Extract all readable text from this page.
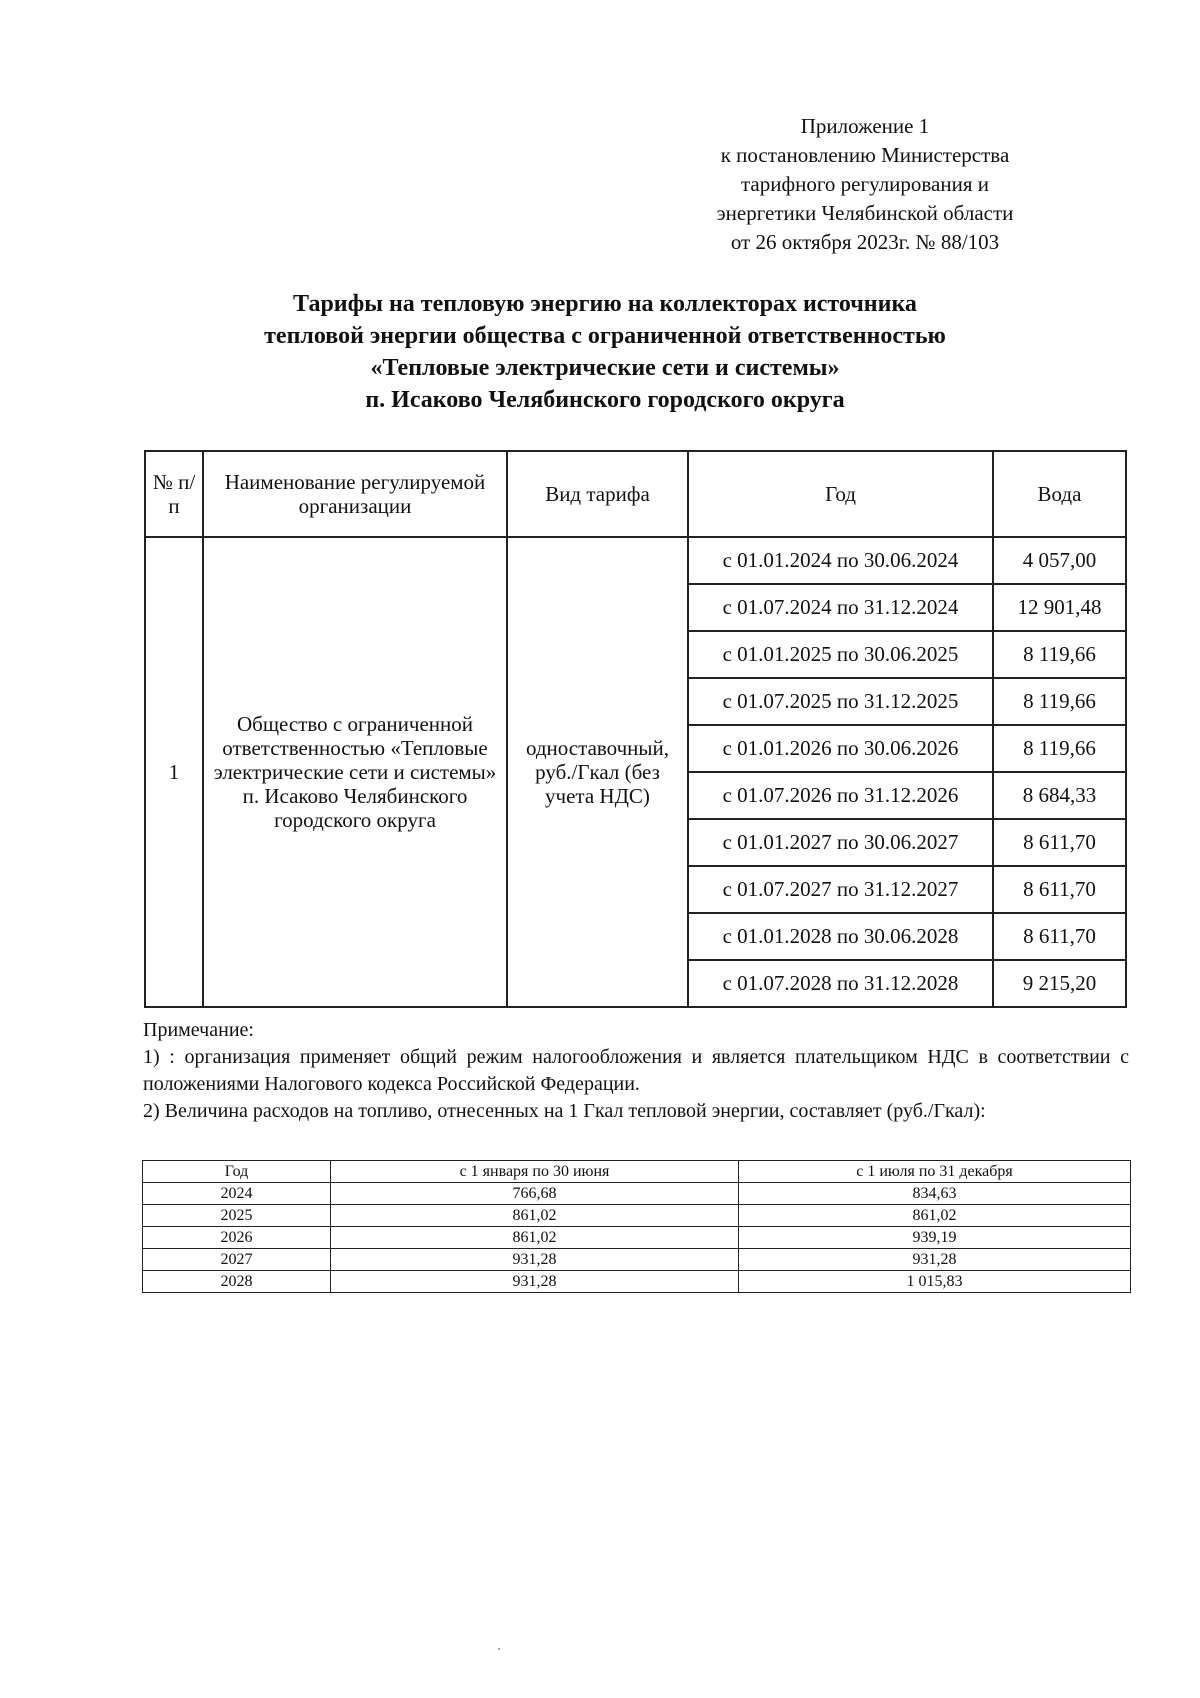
Приложение 1
к постановлению Министерства
тарифного регулирования и
энергетики Челябинской области
от 26 октября 2023г. № 88/103
Тарифы на тепловую энергию на коллекторах источника
тепловой энергии общества с ограниченной ответственностью
«Тепловые электрические сети и системы»
п. Исаково Челябинского городского округа
№ п/п	Наименование регулируемой организации	Вид тарифа	Год	Вода
1	Общество с ограниченной ответственностью «Тепловые электрические сети и системы» п. Исаково Челябинского городского округа	одноставочный, руб./Гкал (без учета НДС)	с 01.01.2024 по 30.06.2024	4 057,00
			с 01.07.2024 по 31.12.2024	12 901,48
			с 01.01.2025 по 30.06.2025	8 119,66
			с 01.07.2025 по 31.12.2025	8 119,66
			с 01.01.2026 по 30.06.2026	8 119,66
			с 01.07.2026 по 31.12.2026	8 684,33
			с 01.01.2027 по 30.06.2027	8 611,70
			с 01.07.2027 по 31.12.2027	8 611,70
			с 01.01.2028 по 30.06.2028	8 611,70
			с 01.07.2028 по 31.12.2028	9 215,20

Примечание:

1) : организация применяет общий режим налогообложения и является плательщиком НДС в соответствии с положениями Налогового кодекса Российской Федерации.

2) Величина расходов на топливо, отнесенных на 1 Гкал тепловой энергии, составляет (руб./Гкал):

Год	с 1 января по 30 июня	с 1 июля по 31 декабря
2024	766,68	834,63
2025	861,02	861,02
2026	861,02	939,19
2027	931,28	931,28
2028	931,28	1 015,83
